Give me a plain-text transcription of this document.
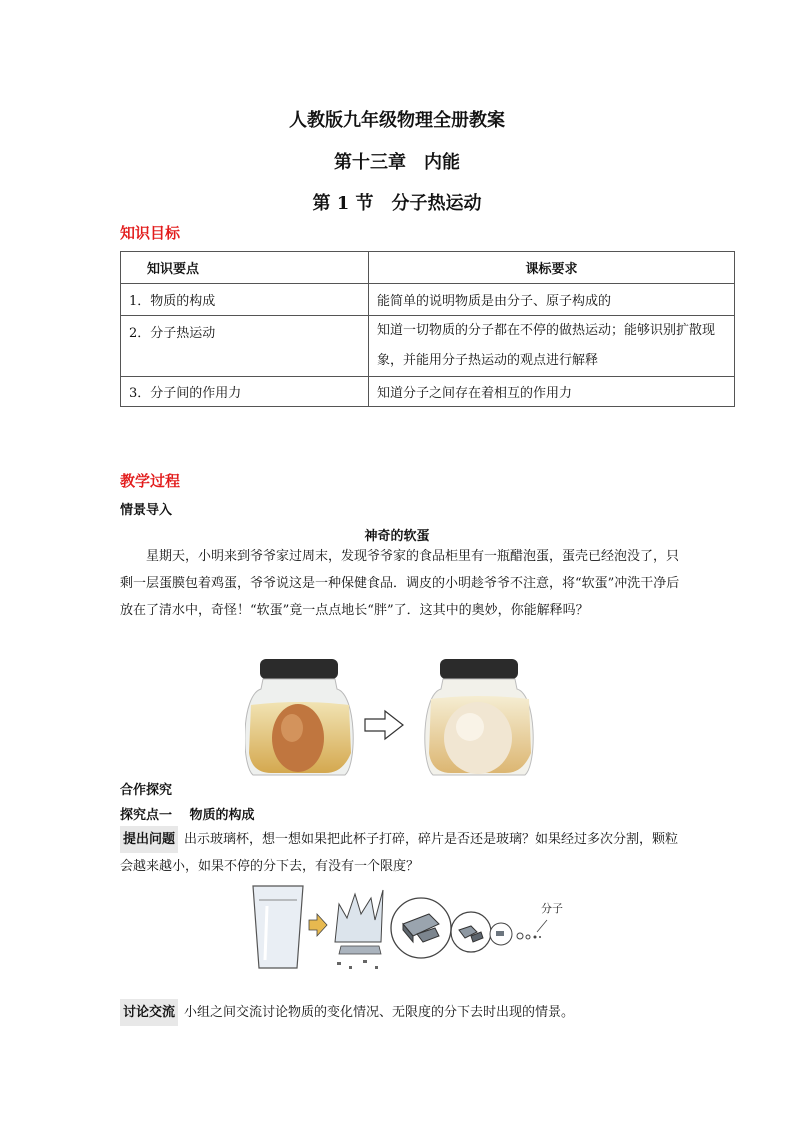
人教版九年级物理全册教案
第十三章　内能
第 1 节　分子热运动
知识目标
知识要点	课标要求
1．物质的构成	能简单的说明物质是由分子、原子构成的
2．分子热运动	知道一切物质的分子都在不停的做热运动；能够识别扩散现象，并能用分子热运动的观点进行解释
3．分子间的作用力	知道分子之间存在着相互的作用力
教学过程
情景导入
神奇的软蛋
星期天，小明来到爷爷家过周末，发现爷爷家的食品柜里有一瓶醋泡蛋，蛋壳已经泡没了，只剩一层蛋膜包着鸡蛋，爷爷说这是一种保健食品．调皮的小明趁爷爷不注意，将“软蛋”冲洗干净后放在了清水中，奇怪！“软蛋”竟一点点地长“胖”了．这其中的奥妙，你能解释吗？
合作探究
探究点一　 物质的构成
提出问题 出示玻璃杯，想一想如果把此杯子打碎，碎片是否还是玻璃？如果经过多次分割，颗粒会越来越小，如果不停的分下去，有没有一个限度？
分子
讨论交流 小组之间交流讨论物质的变化情况、无限度的分下去时出现的情景。
